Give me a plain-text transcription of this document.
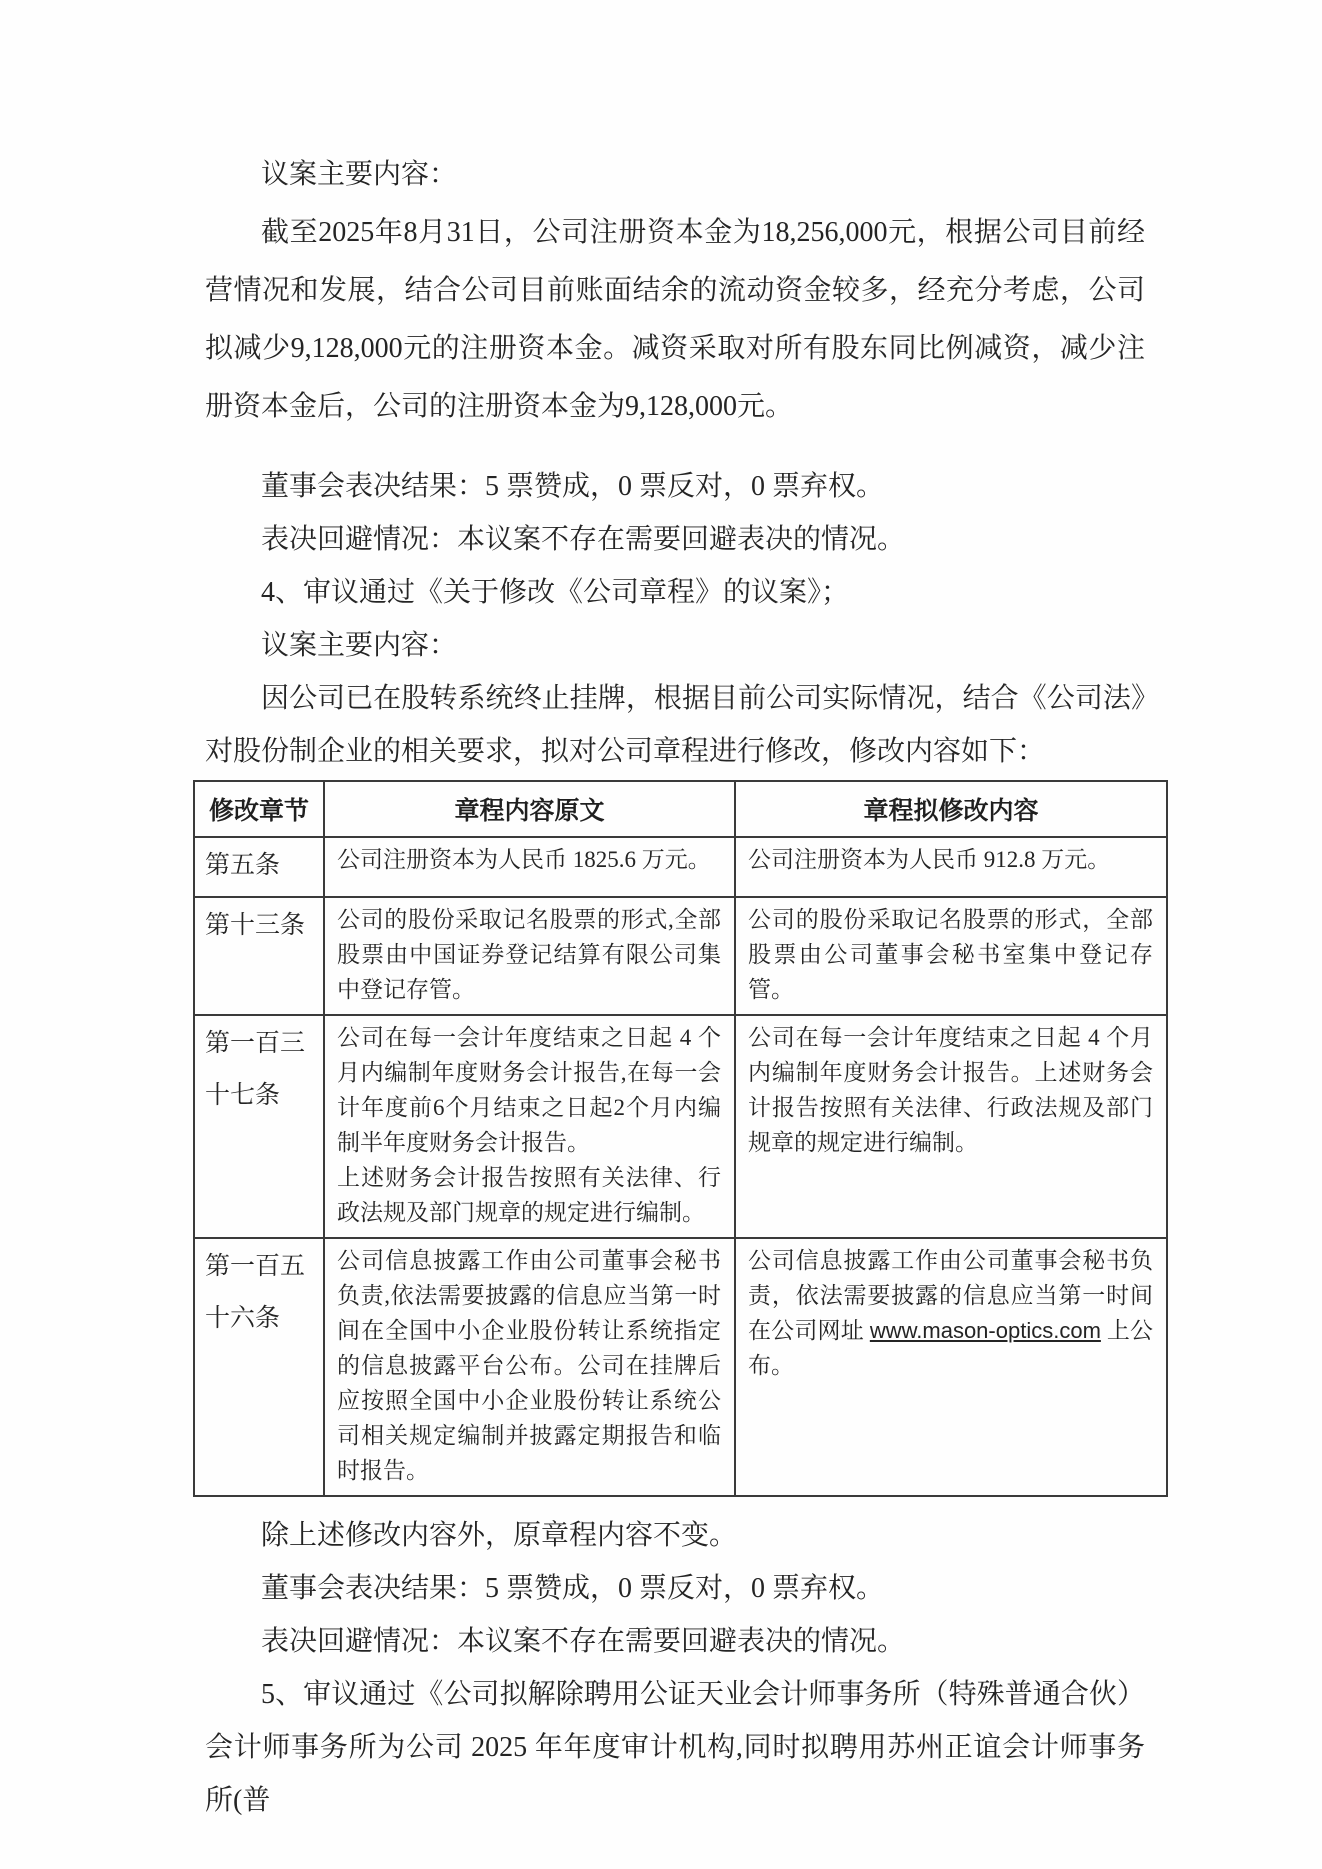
议案主要内容：

截至2025年8月31日，公司注册资本金为18,256,000元，根据公司目前经营情况和发展，结合公司目前账面结余的流动资金较多，经充分考虑，公司拟减少9,128,000元的注册资本金。减资采取对所有股东同比例减资，减少注册资本金后，公司的注册资本金为9,128,000元。

董事会表决结果：5 票赞成，0 票反对，0 票弃权。

表决回避情况：本议案不存在需要回避表决的情况。

4、审议通过《关于修改《公司章程》的议案》；

议案主要内容：

因公司已在股转系统终止挂牌，根据目前公司实际情况，结合《公司法》对股份制企业的相关要求，拟对公司章程进行修改，修改内容如下：

修改章节	章程内容原文	章程拟修改内容
第五条	公司注册资本为人民币 1825.6 万元。	公司注册资本为人民币 912.8 万元。

第十三条	公司的股份采取记名股票的形式,全部股票由中国证券登记结算有限公司集中登记存管。	公司的股份采取记名股票的形式，全部股票由公司董事会秘书室集中登记存管。

第一百三十七条	公司在每一会计年度结束之日起 4 个月内编制年度财务会计报告,在每一会计年度前6个月结束之日起2个月内编制半年度财务会计报告。

上述财务会计报告按照有关法律、行政法规及部门规章的规定进行编制。	公司在每一会计年度结束之日起 4 个月内编制年度财务会计报告。上述财务会计报告按照有关法律、行政法规及部门规章的规定进行编制。

第一百五十六条	公司信息披露工作由公司董事会秘书负责,依法需要披露的信息应当第一时间在全国中小企业股份转让系统指定的信息披露平台公布。公司在挂牌后应按照全国中小企业股份转让系统公司相关规定编制并披露定期报告和临时报告。	公司信息披露工作由公司董事会秘书负责，依法需要披露的信息应当第一时间在公司网址 www.mason-optics.com 上公布。

除上述修改内容外，原章程内容不变。

董事会表决结果：5 票赞成，0 票反对，0 票弃权。

表决回避情况：本议案不存在需要回避表决的情况。

5、审议通过《公司拟解除聘用公证天业会计师事务所（特殊普通合伙）会计师事务所为公司 2025 年年度审计机构,同时拟聘用苏州正谊会计师事务所(普
